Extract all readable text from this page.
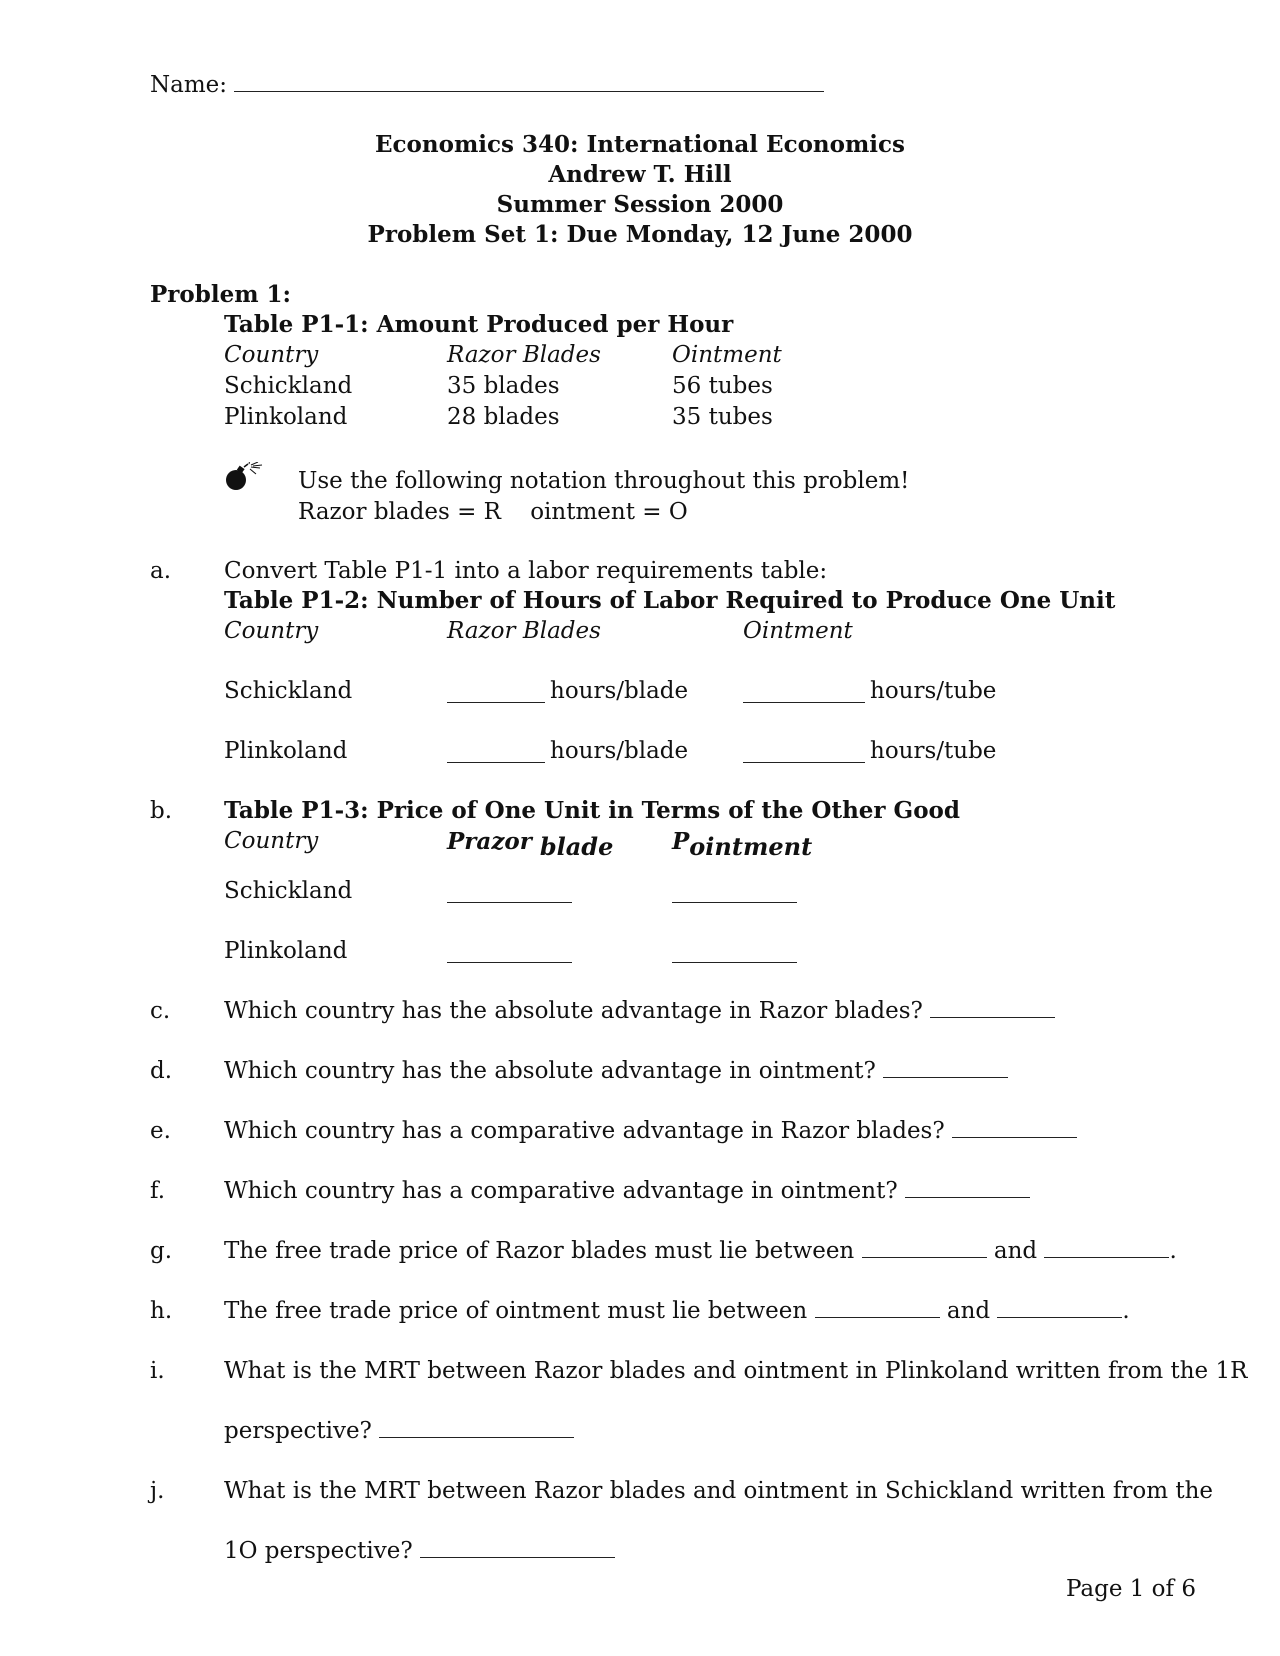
Name:
Economics 340: International Economics
Andrew T. Hill
Summer Session 2000
Problem Set 1: Due Monday, 12 June 2000
Problem 1:
Table P1-1: Amount Produced per Hour
Country	Razor Blades	Ointment
Schickland	35 blades	56 tubes
Plinkoland	28 blades	35 tubes
Use the following notation throughout this problem!
Razor blades = R    ointment = O
a. Convert Table P1-1 into a labor requirements table:
Table P1-2: Number of Hours of Labor Required to Produce One Unit
Country	Razor Blades	Ointment
Schickland	hours/blade	hours/tube
Plinkoland	hours/blade	hours/tube
b. Table P1-3: Price of One Unit in Terms of the Other Good
Country	Prazor $_{blade}$	$P_{ointment}$
Schickland
Plinkoland
c. Which country has the absolute advantage in Razor blades?
d. Which country has the absolute advantage in ointment?
e. Which country has a comparative advantage in Razor blades?
f.	Which country has a comparative advantage in ointment?
g. The free trade price of Razor blades must lie between	and	.
h. The free trade price of ointment must lie between	and	.
i.	What is the MRT between Razor blades and ointment in Plinkoland written from the 1R
perspective?
j.	What is the MRT between Razor blades and ointment in Schickland written from the
1O perspective?
Page 1 of 6
